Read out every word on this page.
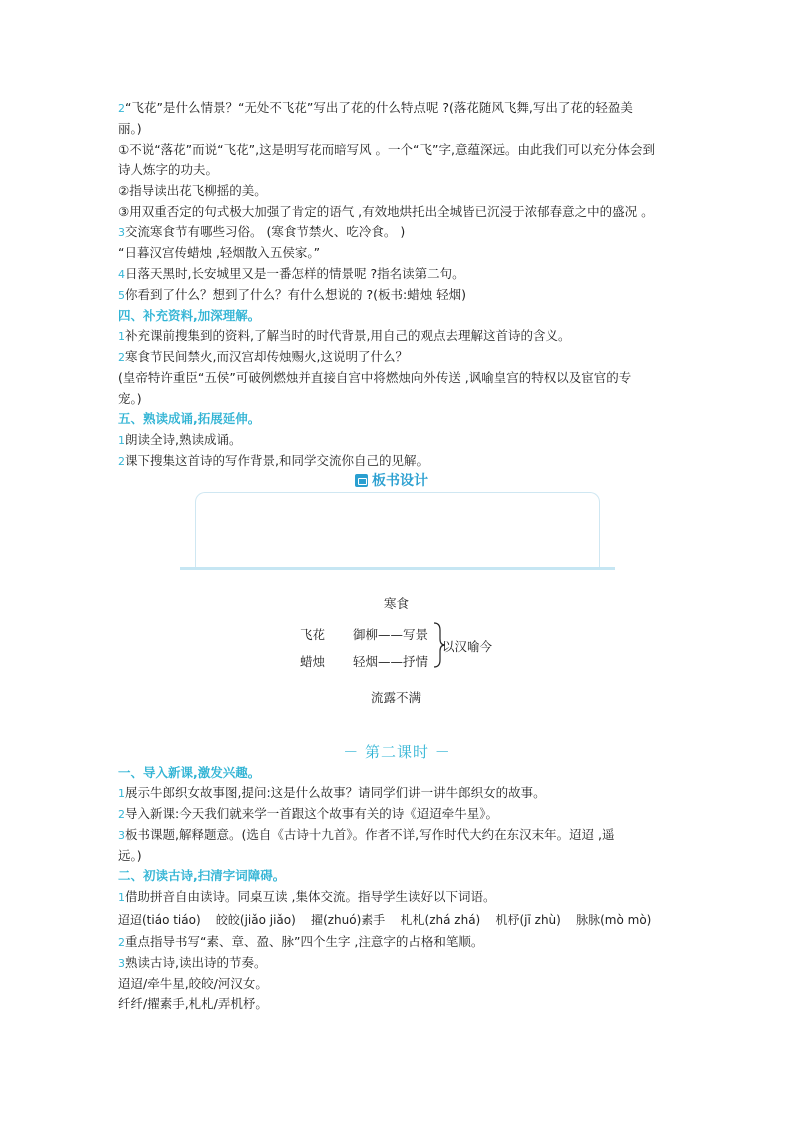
2“飞花”是什么情景？“无处不飞花”写出了花的什么特点呢 ?(落花随风飞舞,写出了花的轻盈美
丽。)
①不说“落花”而说“飞花”,这是明写花而暗写风 。一个“飞”字,意蕴深远。由此我们可以充分体会到
诗人炼字的功夫。
②指导读出花飞柳摇的美。
③用双重否定的句式极大加强了肯定的语气 ,有效地烘托出全城皆已沉浸于浓郁春意之中的盛况 。
3交流寒食节有哪些习俗。 (寒食节禁火、吃冷食。 )
“日暮汉宫传蜡烛 ,轻烟散入五侯家。”
4日落天黑时,长安城里又是一番怎样的情景呢 ?指名读第二句。
5你看到了什么？想到了什么？有什么想说的 ?(板书:蜡烛 轻烟)
四、补充资料,加深理解。
1补充课前搜集到的资料,了解当时的时代背景,用自己的观点去理解这首诗的含义。
2寒食节民间禁火,而汉宫却传烛赐火,这说明了什么？
(皇帝特许重臣“五侯”可破例燃烛并直接自宫中将燃烛向外传送 ,讽喻皇宫的特权以及宦官的专
宠。)
五、熟读成诵,拓展延伸。
1朗读全诗,熟读成诵。
2课下搜集这首诗的写作背景,和同学交流你自己的见解。
板书设计
寒食
飞花 御柳——写景
蜡烛 轻烟——抒情
以汉喻今
流露不满
－ 第二课时 －
一、导入新课,激发兴趣。
1展示牛郎织女故事图,提问:这是什么故事？请同学们讲一讲牛郎织女的故事。
2导入新课:今天我们就来学一首跟这个故事有关的诗《迢迢牵牛星》。
3板书课题,解释题意。(选自《古诗十九首》。作者不详,写作时代大约在东汉末年。迢迢 ,遥
远。)
二、初读古诗,扫清字词障碍。
1借助拼音自由读诗。同桌互读 ,集体交流。指导学生读好以下词语。
迢迢(tiáo tiáo)    皎皎(jiǎo jiǎo)    擢(zhuó)素手    札札(zhá zhá)    机杼(jī zhù)    脉脉(mò mò)
2重点指导书写“素、章、盈、脉”四个生字 ,注意字的占格和笔顺。
3熟读古诗,读出诗的节奏。
迢迢/牵牛星,皎皎/河汉女。
纤纤/擢素手,札札/弄机杼。
